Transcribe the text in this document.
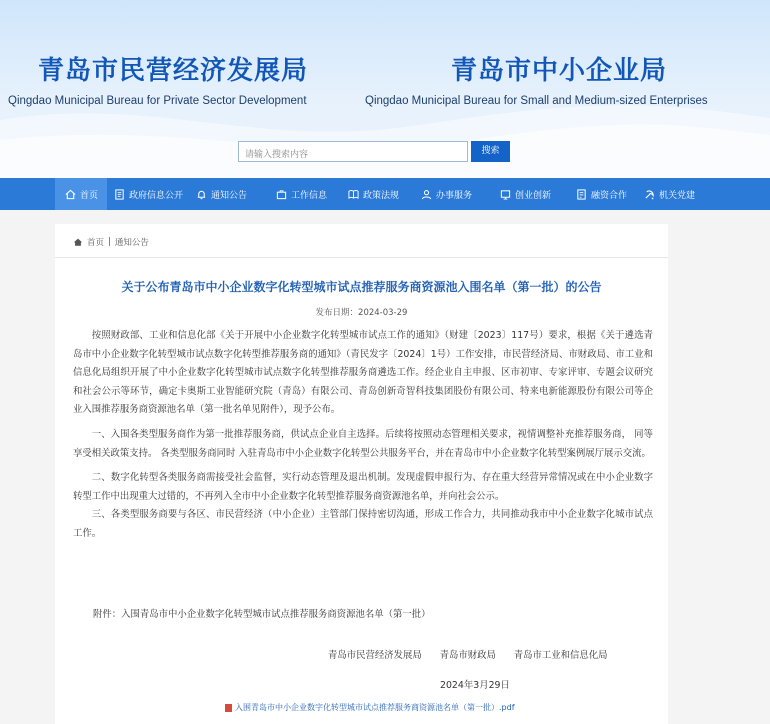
青岛市民营经济发展局
Qingdao Municipal Bureau for Private Sector Development
青岛市中小企业局
Qingdao Municipal Bureau for Small and Medium-sized Enterprises
请输入搜索内容	搜索
首页	政府信息公开	通知公告	工作信息	政策法规	办事服务	创业创新	融资合作	机关党建
首页 | 通知公告
关于公布青岛市中小企业数字化转型城市试点推荐服务商资源池入围名单（第一批）的公告
发布日期：2024-03-29

按照财政部、工业和信息化部《关于开展中小企业数字化转型城市试点工作的通知》（财建〔2023〕117号）要求，根据《关于遴选青岛市中小企业数字化转型城市试点数字化转型推荐服务商的通知》（青民发字〔2024〕1号）工作安排，市民营经济局、市财政局、市工业和信息化局组织开展了中小企业数字化转型城市试点数字化转型推荐服务商遴选工作。经企业自主申报、区市初审、专家评审、专题会议研究和社会公示等环节，确定卡奥斯工业智能研究院（青岛）有限公司、青岛创新奇智科技集团股份有限公司、特来电新能源股份有限公司等企业入围推荐服务商资源池名单（第一批名单见附件），现予公布。

一、入围各类型服务商作为第一批推荐服务商，供试点企业自主选择。后续将按照动态管理相关要求，视情调整补充推荐服务商， 同等享受相关政策支持。 各类型服务商同时 入驻青岛市中小企业数字化转型公共服务平台，并在青岛市中小企业数字化转型案例展厅展示交流。

二、数字化转型各类服务商需接受社会监督，实行动态管理及退出机制。发现虚假申报行为、存在重大经营异常情况或在中小企业数字转型工作中出现重大过错的，不再列入全市中小企业数字化转型推荐服务商资源池名单，并向社会公示。

三、各类型服务商要与各区、市民营经济（中小企业）主管部门保持密切沟通，形成工作合力，共同推动我市中小企业数字化城市试点工作。

附件：入围青岛市中小企业数字化转型城市试点推荐服务商资源池名单（第一批）
青岛市民营经济发展局      青岛市财政局      青岛市工业和信息化局
2024年3月29日
入围青岛市中小企业数字化转型城市试点推荐服务商资源池名单（第一批）.pdf
